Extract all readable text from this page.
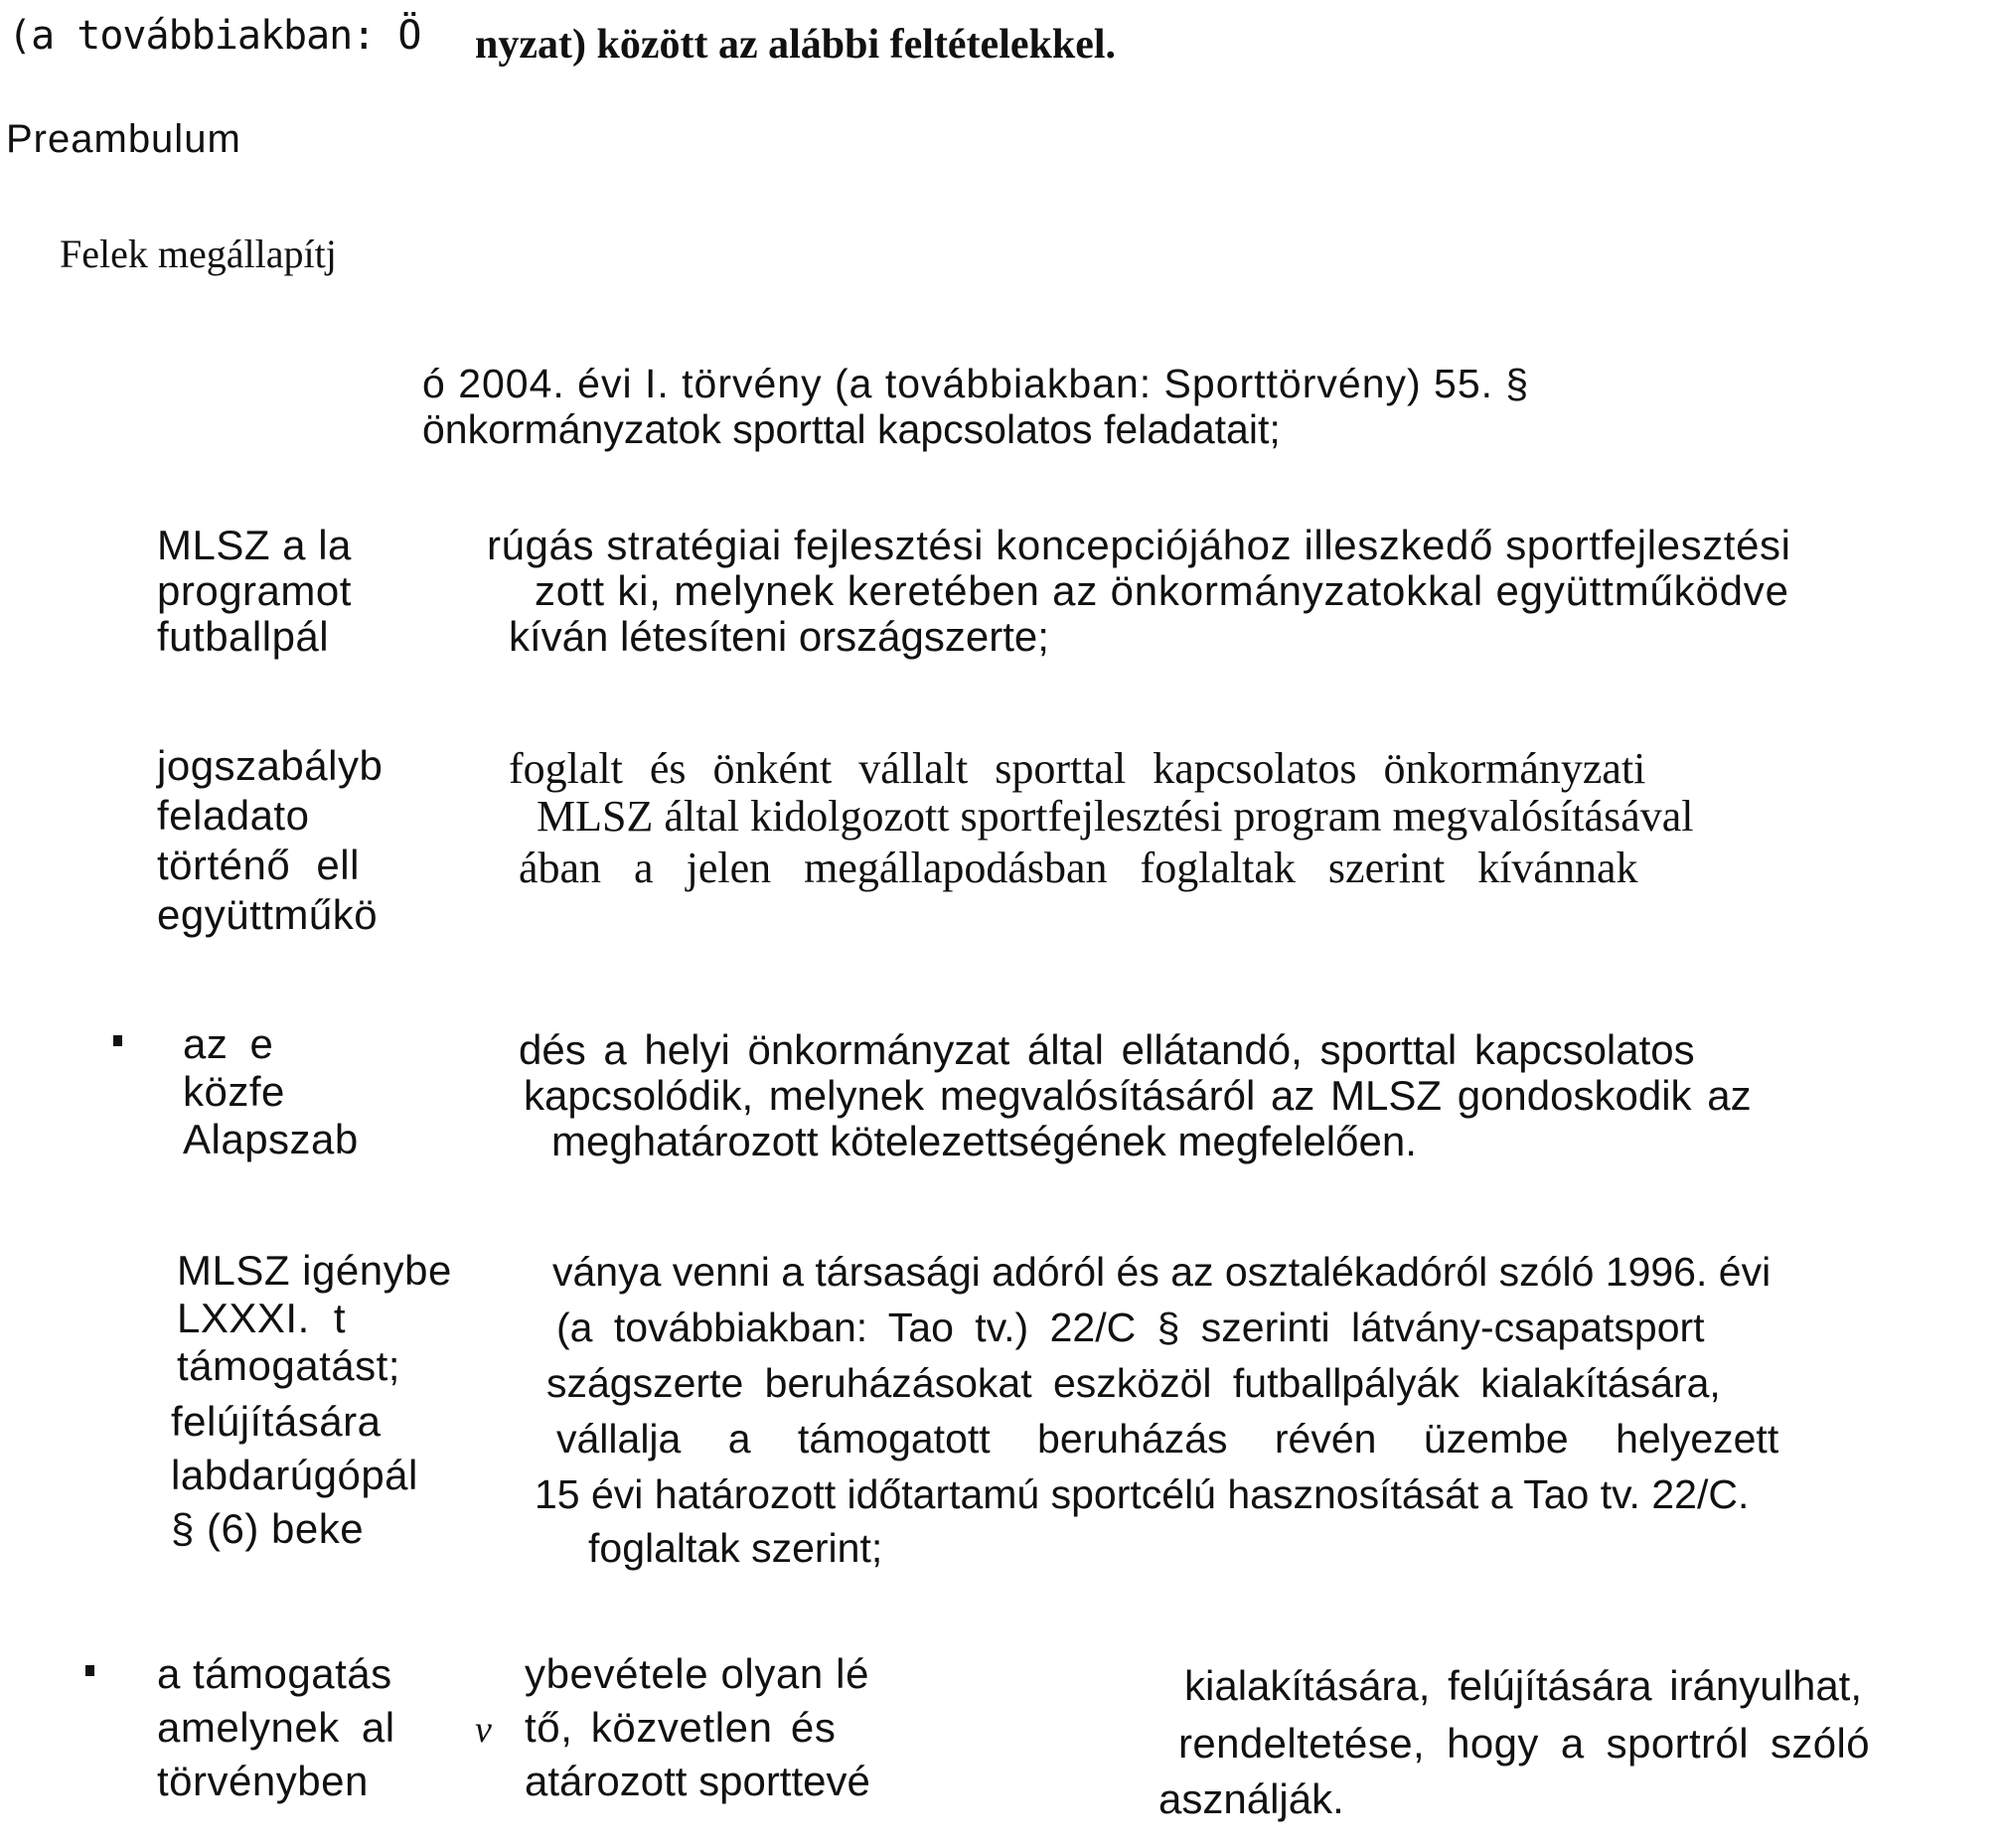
(a továbbiakban: Ö nyzat) között az alábbi feltételekkel.
Preambulum
Felek megállapítj
ó 2004. évi I. törvény (a továbbiakban: Sporttörvény) 55. §
önkormányzatok sporttal kapcsolatos feladatait;
MLSZ a la
programot
futballpál
rúgás stratégiai fejlesztési koncepciójához illeszkedő sportfejlesztési
zott ki, melynek keretében az önkormányzatokkal együttműködve
kíván létesíteni országszerte;
jogszabályb
feladato
történő ell
együttműkö
foglalt és önként vállalt sporttal kapcsolatos önkormányzati
MLSZ által kidolgozott sportfejlesztési program megvalósításával
ában a jelen megállapodásban foglaltak szerint kívánnak
az e
közfe
Alapszab
dés a helyi önkormányzat által ellátandó, sporttal kapcsolatos
kapcsolódik, melynek megvalósításáról az MLSZ gondoskodik az
meghatározott kötelezettségének megfelelően.
MLSZ igénybe
LXXXI. t
támogatást;
felújítására
labdarúgópál
§ (6) beke
ványa venni a társasági adóról és az osztalékadóról szóló 1996. évi
(a továbbiakban: Tao tv.) 22/C § szerinti látvány-csapatsport
szágszerte beruházásokat eszközöl futballpályák kialakítására,
vállalja a támogatott beruházás révén üzembe helyezett
15 évi határozott időtartamú sportcélú hasznosítását a Tao tv. 22/C.
foglaltak szerint;
a támogatás
amelynek al
törvényben
v
ybevétele olyan lé
tő, közvetlen és
atározott sporttevé
kialakítására, felújítására irányulhat,
rendeltetése, hogy a sportról szóló
asználják.
